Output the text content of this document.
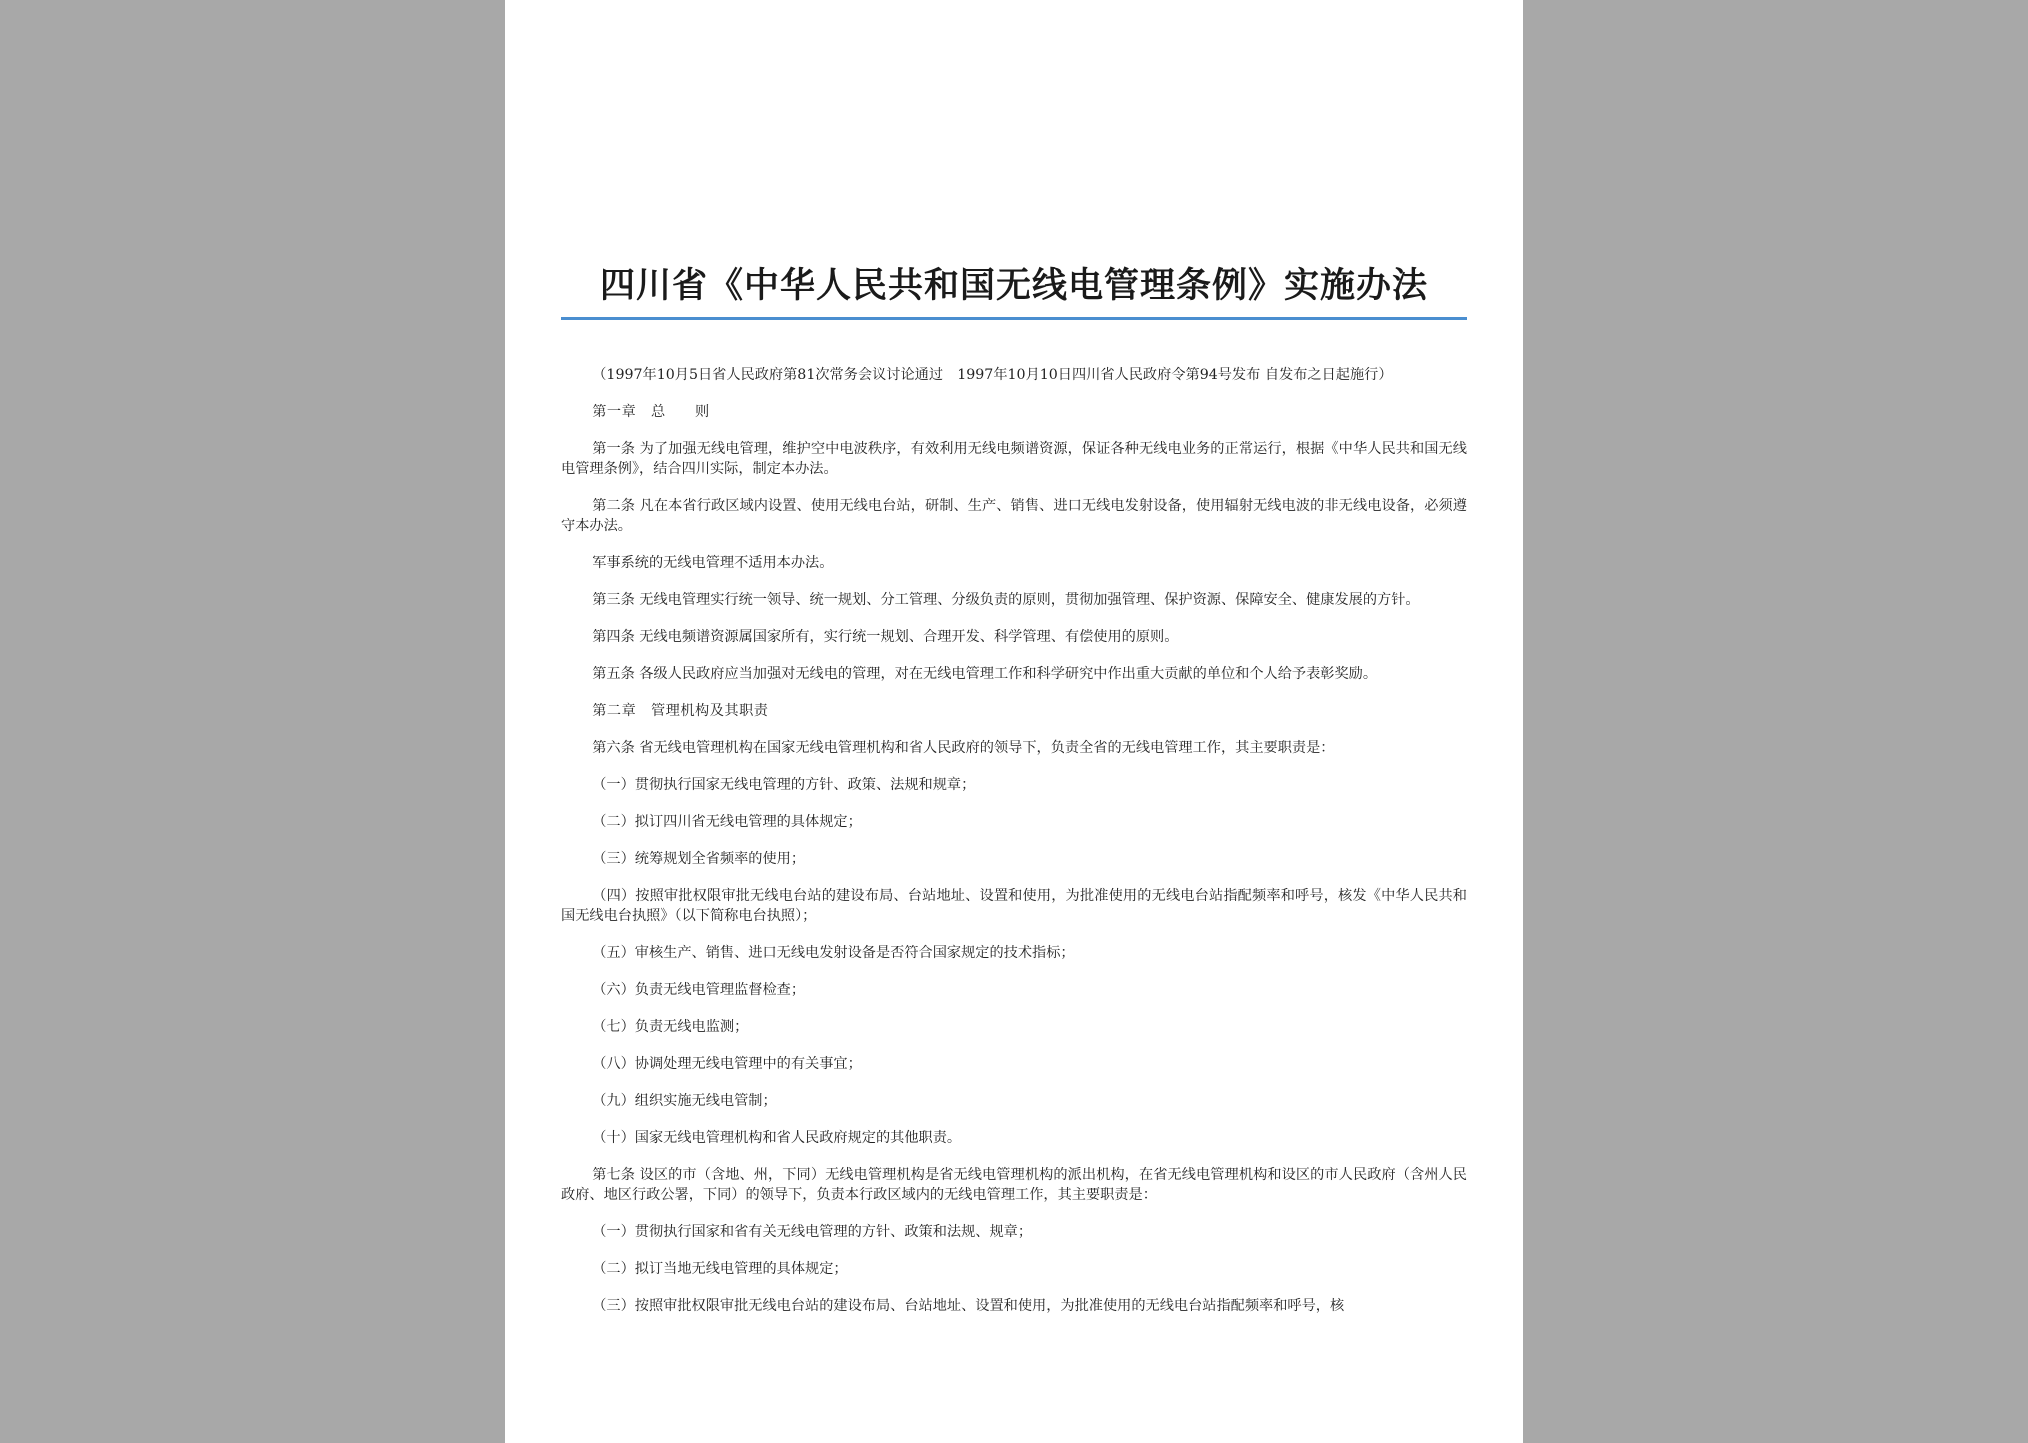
四川省《中华人民共和国无线电管理条例》实施办法

（1997年10月5日省人民政府第81次常务会议讨论通过　1997年10月10日四川省人民政府令第94号发布 自发布之日起施行）

第一章　总　　则

第一条 为了加强无线电管理，维护空中电波秩序，有效利用无线电频谱资源，保证各种无线电业务的正常运行，根据《中华人民共和国无线电管理条例》，结合四川实际，制定本办法。

第二条 凡在本省行政区域内设置、使用无线电台站，研制、生产、销售、进口无线电发射设备，使用辐射无线电波的非无线电设备，必须遵守本办法。

军事系统的无线电管理不适用本办法。

第三条 无线电管理实行统一领导、统一规划、分工管理、分级负责的原则，贯彻加强管理、保护资源、保障安全、健康发展的方针。

第四条 无线电频谱资源属国家所有，实行统一规划、合理开发、科学管理、有偿使用的原则。

第五条 各级人民政府应当加强对无线电的管理，对在无线电管理工作和科学研究中作出重大贡献的单位和个人给予表彰奖励。

第二章　管理机构及其职责

第六条 省无线电管理机构在国家无线电管理机构和省人民政府的领导下，负责全省的无线电管理工作，其主要职责是：

（一）贯彻执行国家无线电管理的方针、政策、法规和规章；

（二）拟订四川省无线电管理的具体规定；

（三）统筹规划全省频率的使用；

（四）按照审批权限审批无线电台站的建设布局、台站地址、设置和使用，为批准使用的无线电台站指配频率和呼号，核发《中华人民共和国无线电台执照》（以下简称电台执照）；

（五）审核生产、销售、进口无线电发射设备是否符合国家规定的技术指标；

（六）负责无线电管理监督检查；

（七）负责无线电监测；

（八）协调处理无线电管理中的有关事宜；

（九）组织实施无线电管制；

（十）国家无线电管理机构和省人民政府规定的其他职责。

第七条 设区的市（含地、州，下同）无线电管理机构是省无线电管理机构的派出机构，在省无线电管理机构和设区的市人民政府（含州人民政府、地区行政公署，下同）的领导下，负责本行政区域内的无线电管理工作，其主要职责是：

（一）贯彻执行国家和省有关无线电管理的方针、政策和法规、规章；

（二）拟订当地无线电管理的具体规定；

（三）按照审批权限审批无线电台站的建设布局、台站地址、设置和使用，为批准使用的无线电台站指配频率和呼号，核
